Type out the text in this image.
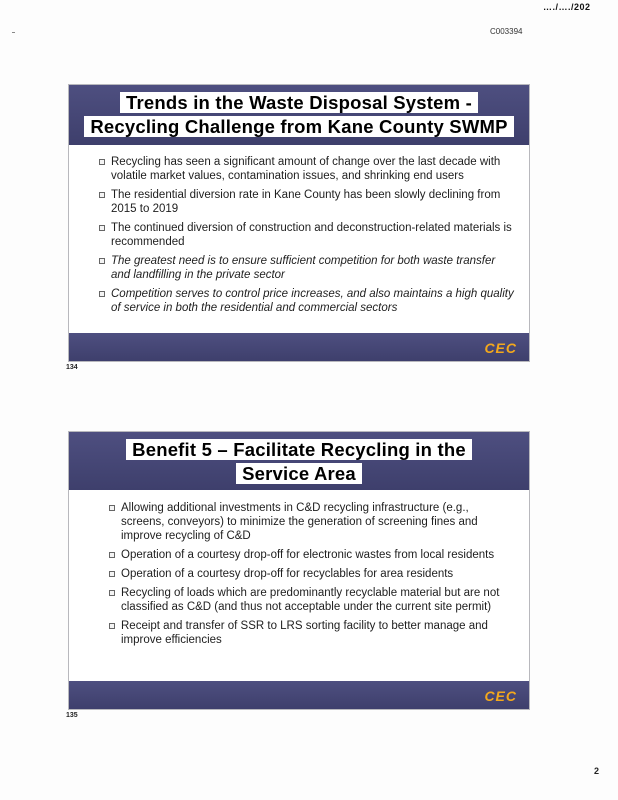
…./…./202
C003394
Trends in the Waste Disposal System -
Recycling Challenge from Kane County SWMP
Recycling has seen a significant amount of change over the last decade with volatile market values, contamination issues, and shrinking end users
The residential diversion rate in Kane County has been slowly declining from 2015 to 2019
The continued diversion of construction and deconstruction-related materials is recommended
The greatest need is to ensure sufficient competition for both waste transfer and landfilling in the private sector
Competition serves to control price increases, and also maintains a high quality of service in both the residential and commercial sectors
CEC
134
Benefit 5 – Facilitate Recycling in the
Service Area
Allowing additional investments in C&D recycling infrastructure (e.g., screens, conveyors) to minimize the generation of screening fines and improve recycling of C&D
Operation of a courtesy drop-off for electronic wastes from local residents
Operation of a courtesy drop-off for recyclables for area residents
Recycling of loads which are predominantly recyclable material but are not classified as C&D (and thus not acceptable under the current site permit)
Receipt and transfer of SSR to LRS sorting facility to better manage and improve efficiencies
CEC
135
2
